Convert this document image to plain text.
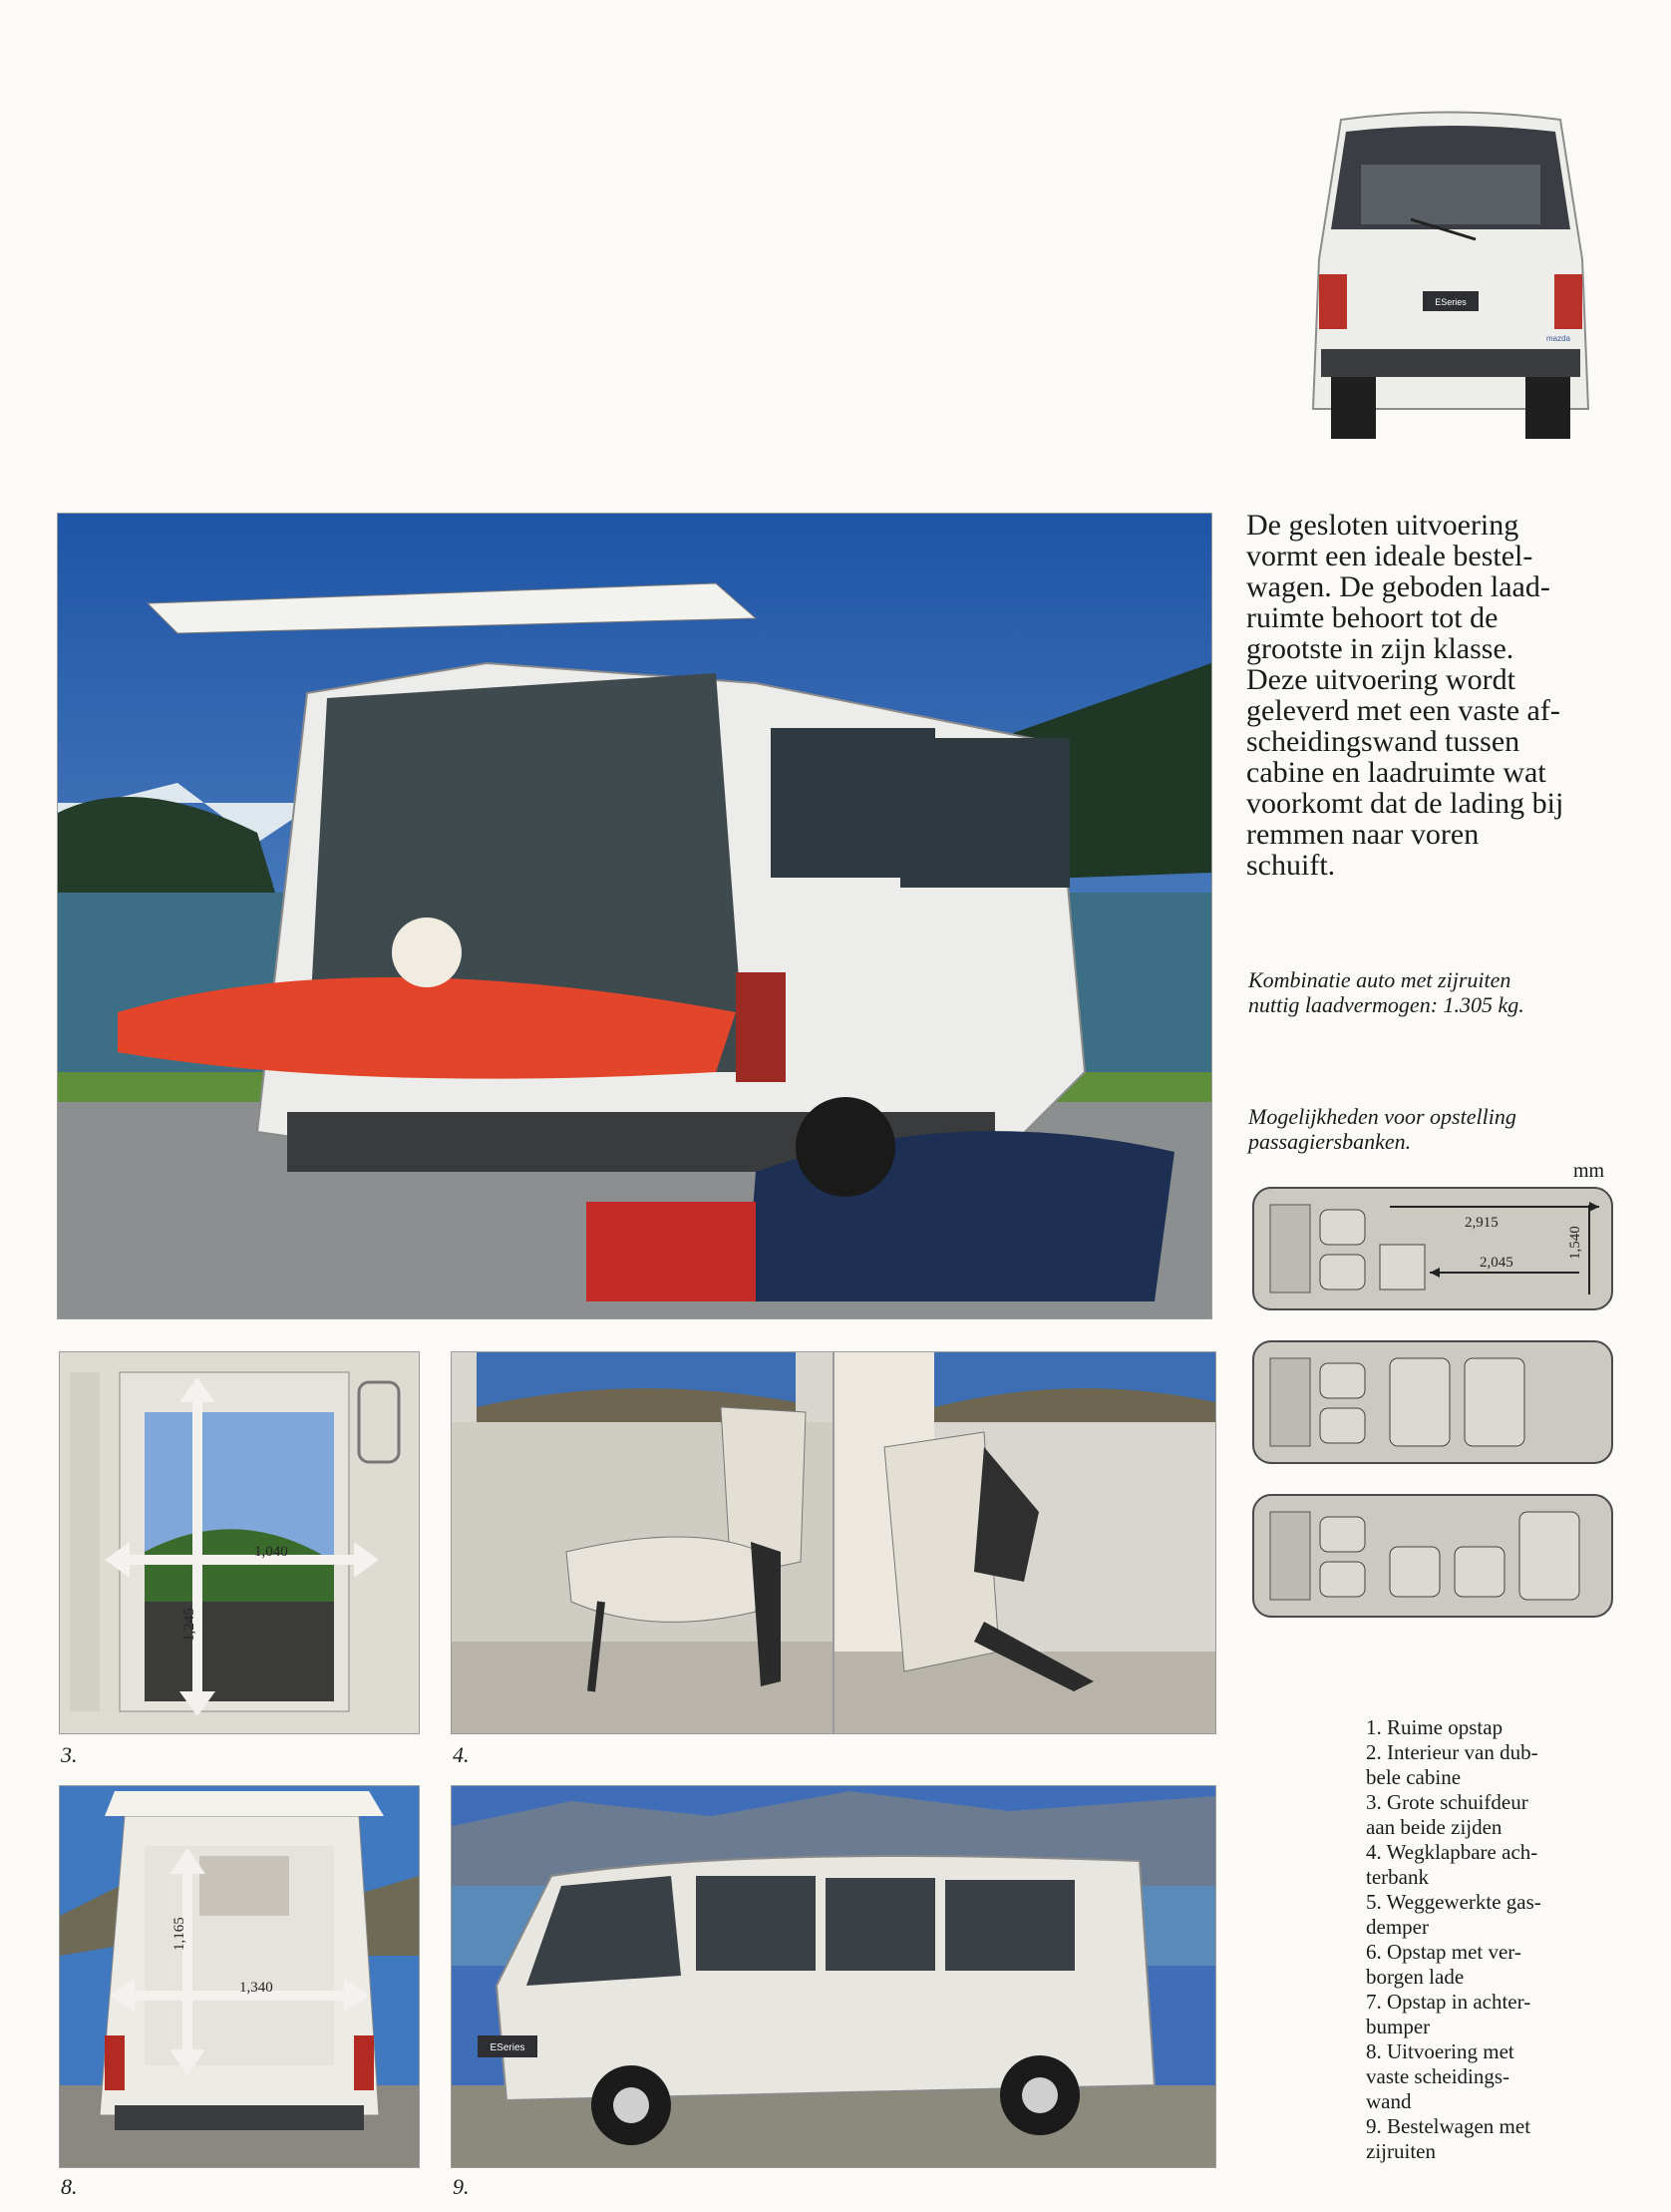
ESeries
mazda
De gesloten uitvoering
vormt een ideale bestel-
wagen. De geboden laad-
ruimte behoort tot de
grootste in zijn klasse.
Deze uitvoering wordt
geleverd met een vaste af-
scheidingswand tussen
cabine en laadruimte wat
voorkomt dat de lading bij
remmen naar voren
schuift.
Kombinatie auto met zijruiten
nuttig laadvermogen: 1.305 kg.
Mogelijkheden voor opstelling
passagiersbanken.
mm
2,915
2,045
1,540
1,040
1,245
3.	4.
1,340
1,165
8.
ESeries
9.
1. Ruime opstap
2. Interieur van dub-
bele cabine
3. Grote schuifdeur
aan beide zijden
4. Wegklapbare ach-
terbank
5. Weggewerkte gas-
demper
6. Opstap met ver-
borgen lade
7. Opstap in achter-
bumper
8. Uitvoering met
vaste scheidings-
wand
9. Bestelwagen met
zijruiten
